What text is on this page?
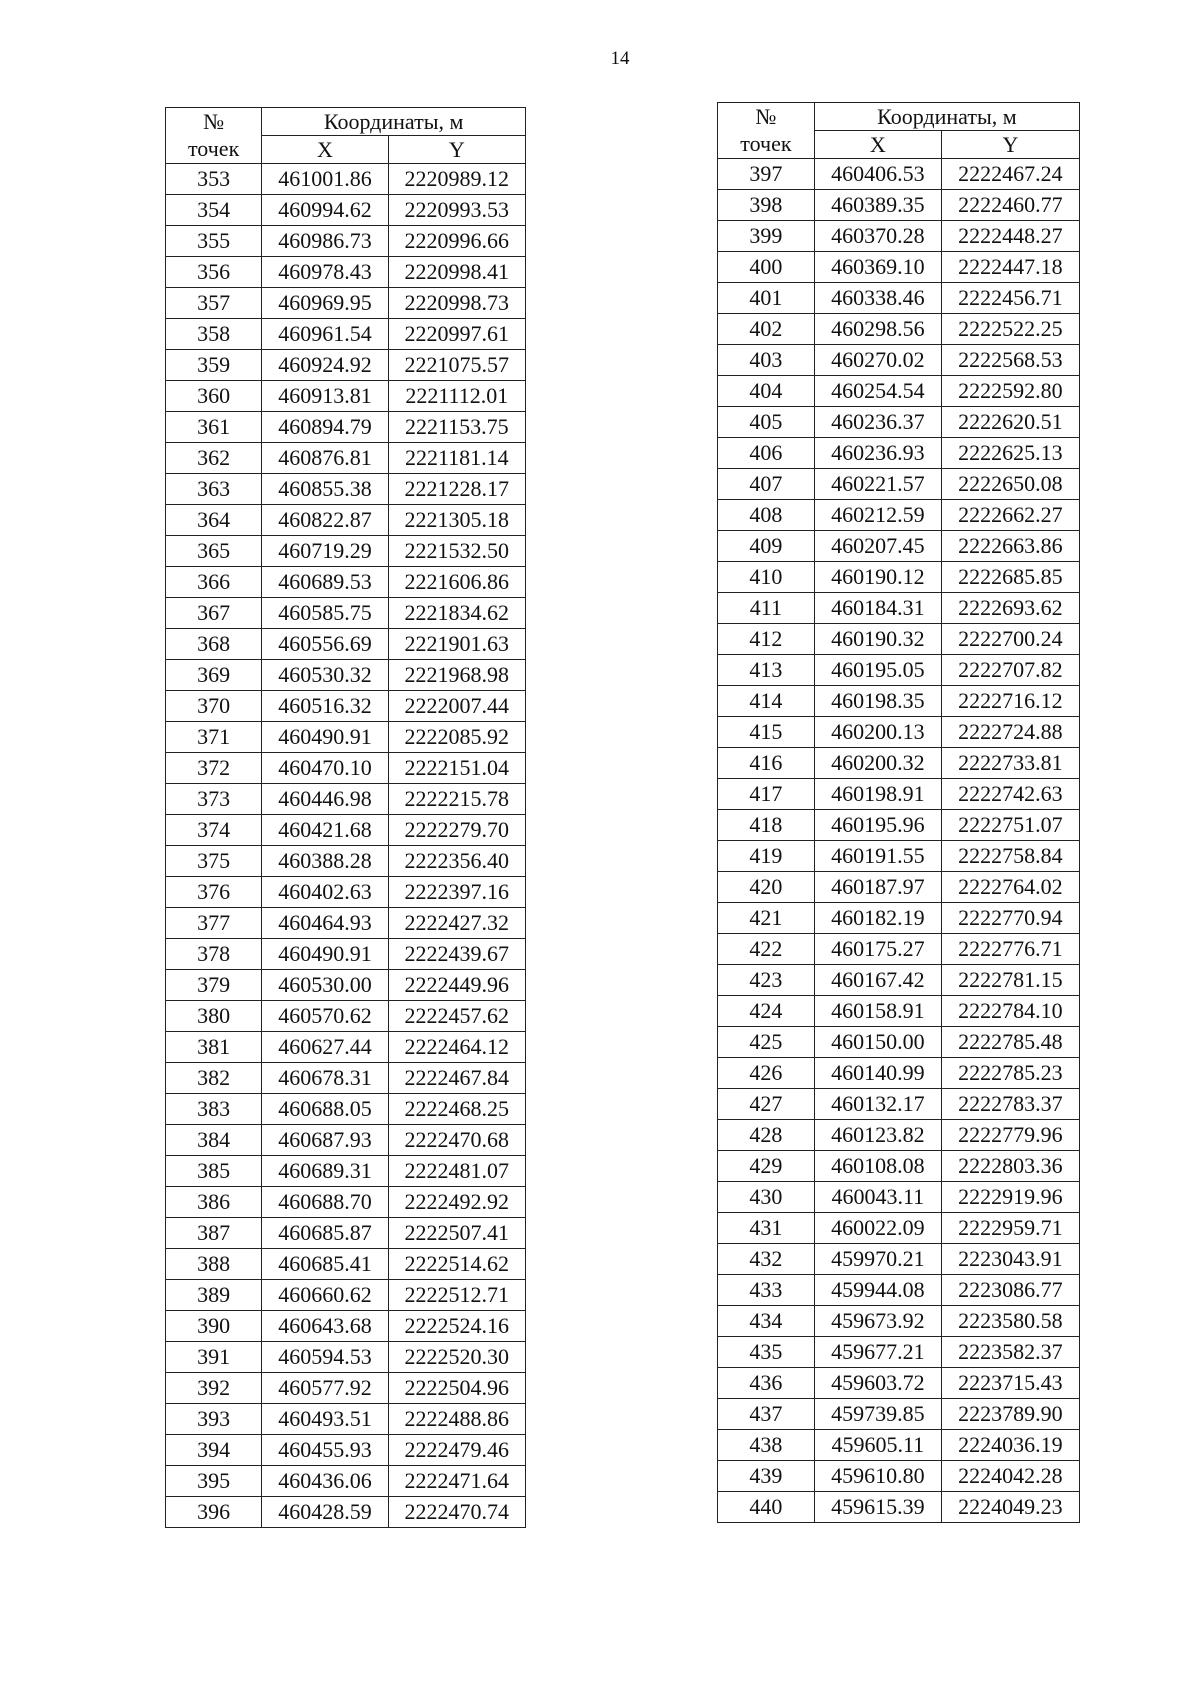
14
№	Координаты, м	
точек	X	Y
353	461001.86	2220989.12
354	460994.62	2220993.53
355	460986.73	2220996.66
356	460978.43	2220998.41
357	460969.95	2220998.73
358	460961.54	2220997.61
359	460924.92	2221075.57
360	460913.81	2221112.01
361	460894.79	2221153.75
362	460876.81	2221181.14
363	460855.38	2221228.17
364	460822.87	2221305.18
365	460719.29	2221532.50
366	460689.53	2221606.86
367	460585.75	2221834.62
368	460556.69	2221901.63
369	460530.32	2221968.98
370	460516.32	2222007.44
371	460490.91	2222085.92
372	460470.10	2222151.04
373	460446.98	2222215.78
374	460421.68	2222279.70
375	460388.28	2222356.40
376	460402.63	2222397.16
377	460464.93	2222427.32
378	460490.91	2222439.67
379	460530.00	2222449.96
380	460570.62	2222457.62
381	460627.44	2222464.12
382	460678.31	2222467.84
383	460688.05	2222468.25
384	460687.93	2222470.68
385	460689.31	2222481.07
386	460688.70	2222492.92
387	460685.87	2222507.41
388	460685.41	2222514.62
389	460660.62	2222512.71
390	460643.68	2222524.16
391	460594.53	2222520.30
392	460577.92	2222504.96
393	460493.51	2222488.86
394	460455.93	2222479.46
395	460436.06	2222471.64
396	460428.59	2222470.74
№	Координаты, м	
точек	X	Y
397	460406.53	2222467.24
398	460389.35	2222460.77
399	460370.28	2222448.27
400	460369.10	2222447.18
401	460338.46	2222456.71
402	460298.56	2222522.25
403	460270.02	2222568.53
404	460254.54	2222592.80
405	460236.37	2222620.51
406	460236.93	2222625.13
407	460221.57	2222650.08
408	460212.59	2222662.27
409	460207.45	2222663.86
410	460190.12	2222685.85
411	460184.31	2222693.62
412	460190.32	2222700.24
413	460195.05	2222707.82
414	460198.35	2222716.12
415	460200.13	2222724.88
416	460200.32	2222733.81
417	460198.91	2222742.63
418	460195.96	2222751.07
419	460191.55	2222758.84
420	460187.97	2222764.02
421	460182.19	2222770.94
422	460175.27	2222776.71
423	460167.42	2222781.15
424	460158.91	2222784.10
425	460150.00	2222785.48
426	460140.99	2222785.23
427	460132.17	2222783.37
428	460123.82	2222779.96
429	460108.08	2222803.36
430	460043.11	2222919.96
431	460022.09	2222959.71
432	459970.21	2223043.91
433	459944.08	2223086.77
434	459673.92	2223580.58
435	459677.21	2223582.37
436	459603.72	2223715.43
437	459739.85	2223789.90
438	459605.11	2224036.19
439	459610.80	2224042.28
440	459615.39	2224049.23
